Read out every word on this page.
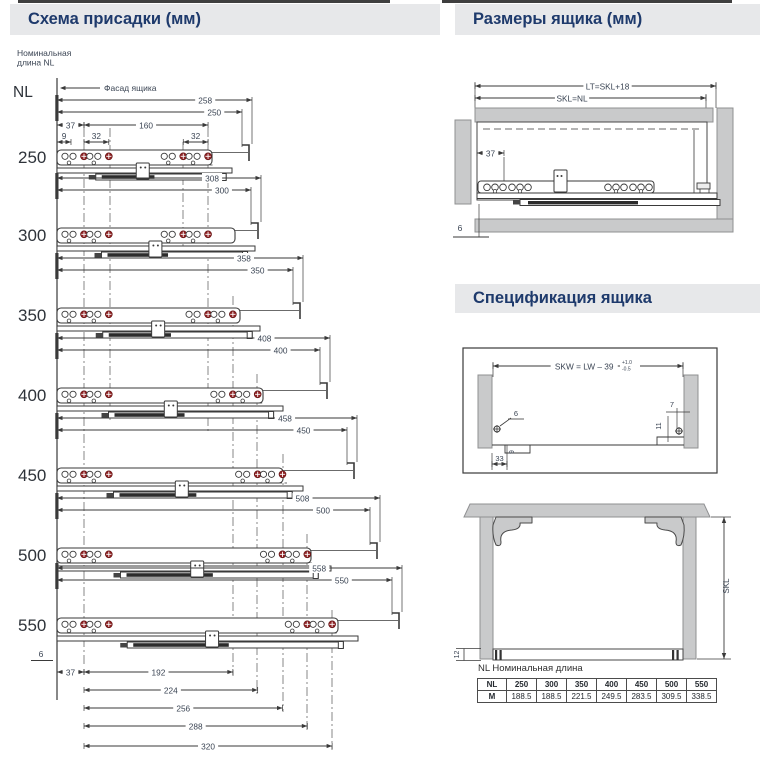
Схема присадки (мм)	Размеры ящика (мм)
Спецификация ящика
Номинальная
длина NL
NL	Фасад ящика
258
250
37	160
9	32	32
250
308
300
300
358
350
350
408
400
400
458
450
450
508
500
500
558
550
550
6
37	192
224
256
288
320
LT=SKL+18
SKL=NL
37
6
SKW = LW – 39 +1.0
-0.5
9
33
6
7
11
SKL
12
NL Номинальная длина
NL	250	300	350	400	450	500	550
M	188.5	188.5	221.5	249.5	283.5	309.5	338.5
